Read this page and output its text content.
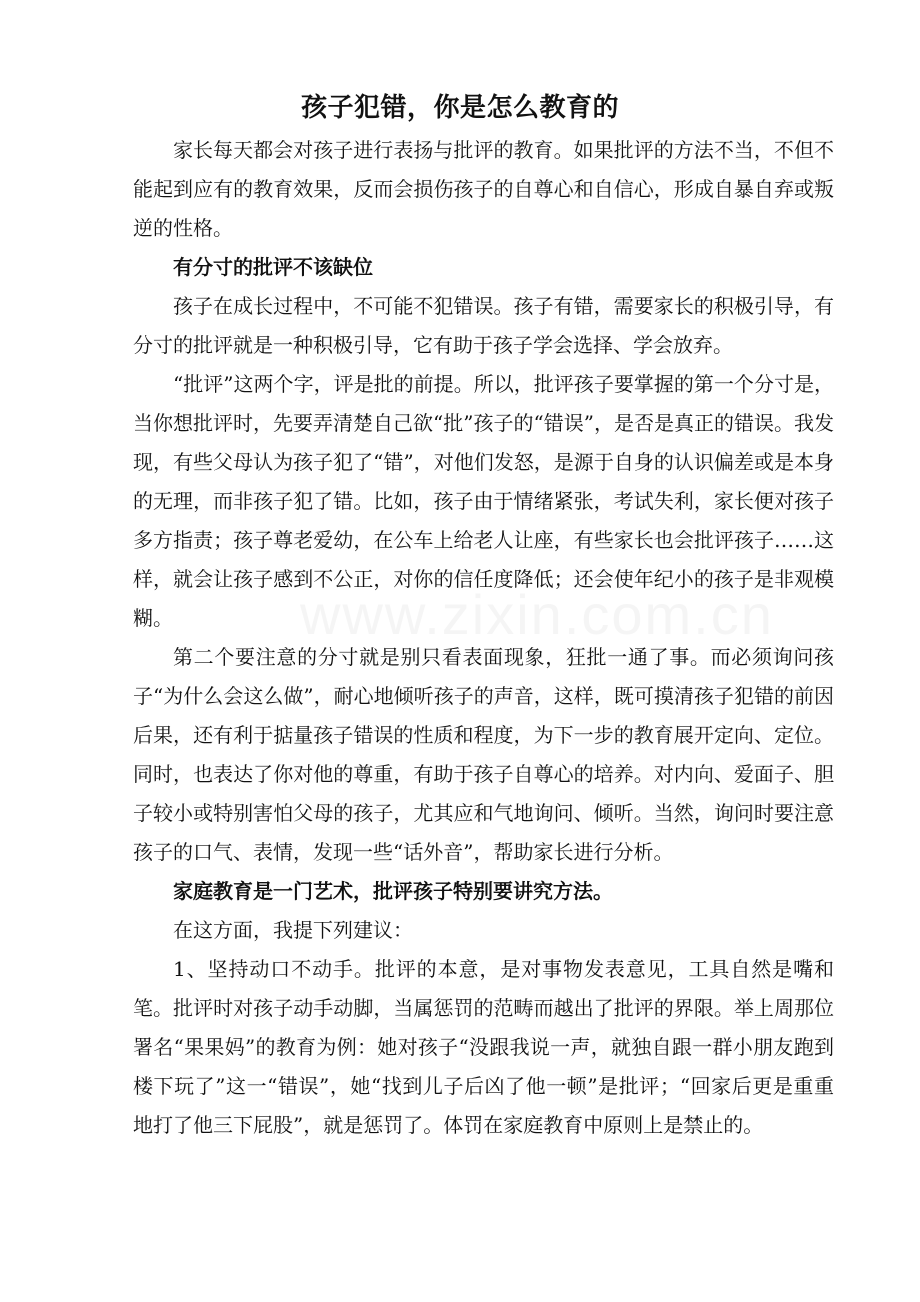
孩子犯错，你是怎么教育的

家长每天都会对孩子进行表扬与批评的教育。如果批评的方法不当，不但不能起到应有的教育效果，反而会损伤孩子的自尊心和自信心，形成自暴自弃或叛逆的性格。

有分寸的批评不该缺位

孩子在成长过程中，不可能不犯错误。孩子有错，需要家长的积极引导，有分寸的批评就是一种积极引导，它有助于孩子学会选择、学会放弃。

“批评”这两个字，评是批的前提。所以，批评孩子要掌握的第一个分寸是，当你想批评时，先要弄清楚自己欲“批”孩子的“错误”，是否是真正的错误。我发现，有些父母认为孩子犯了“错”，对他们发怒，是源于自身的认识偏差或是本身的无理，而非孩子犯了错。比如，孩子由于情绪紧张，考试失利，家长便对孩子多方指责；孩子尊老爱幼，在公车上给老人让座，有些家长也会批评孩子……这样，就会让孩子感到不公正，对你的信任度降低；还会使年纪小的孩子是非观模糊。

第二个要注意的分寸就是别只看表面现象，狂批一通了事。而必须询问孩子“为什么会这么做”，耐心地倾听孩子的声音，这样，既可摸清孩子犯错的前因后果，还有利于掂量孩子错误的性质和程度，为下一步的教育展开定向、定位。同时，也表达了你对他的尊重，有助于孩子自尊心的培养。对内向、爱面子、胆子较小或特别害怕父母的孩子，尤其应和气地询问、倾听。当然，询问时要注意孩子的口气、表情，发现一些“话外音”，帮助家长进行分析。

家庭教育是一门艺术，批评孩子特别要讲究方法。

在这方面，我提下列建议：

1、坚持动口不动手。批评的本意，是对事物发表意见，工具自然是嘴和笔。批评时对孩子动手动脚，当属惩罚的范畴而越出了批评的界限。举上周那位署名“果果妈”的教育为例：她对孩子“没跟我说一声，就独自跟一群小朋友跑到楼下玩了”这一“错误”，她“找到儿子后凶了他一顿”是批评；“回家后更是重重地打了他三下屁股”，就是惩罚了。体罚在家庭教育中原则上是禁止的。

www.zixin.com.cn
